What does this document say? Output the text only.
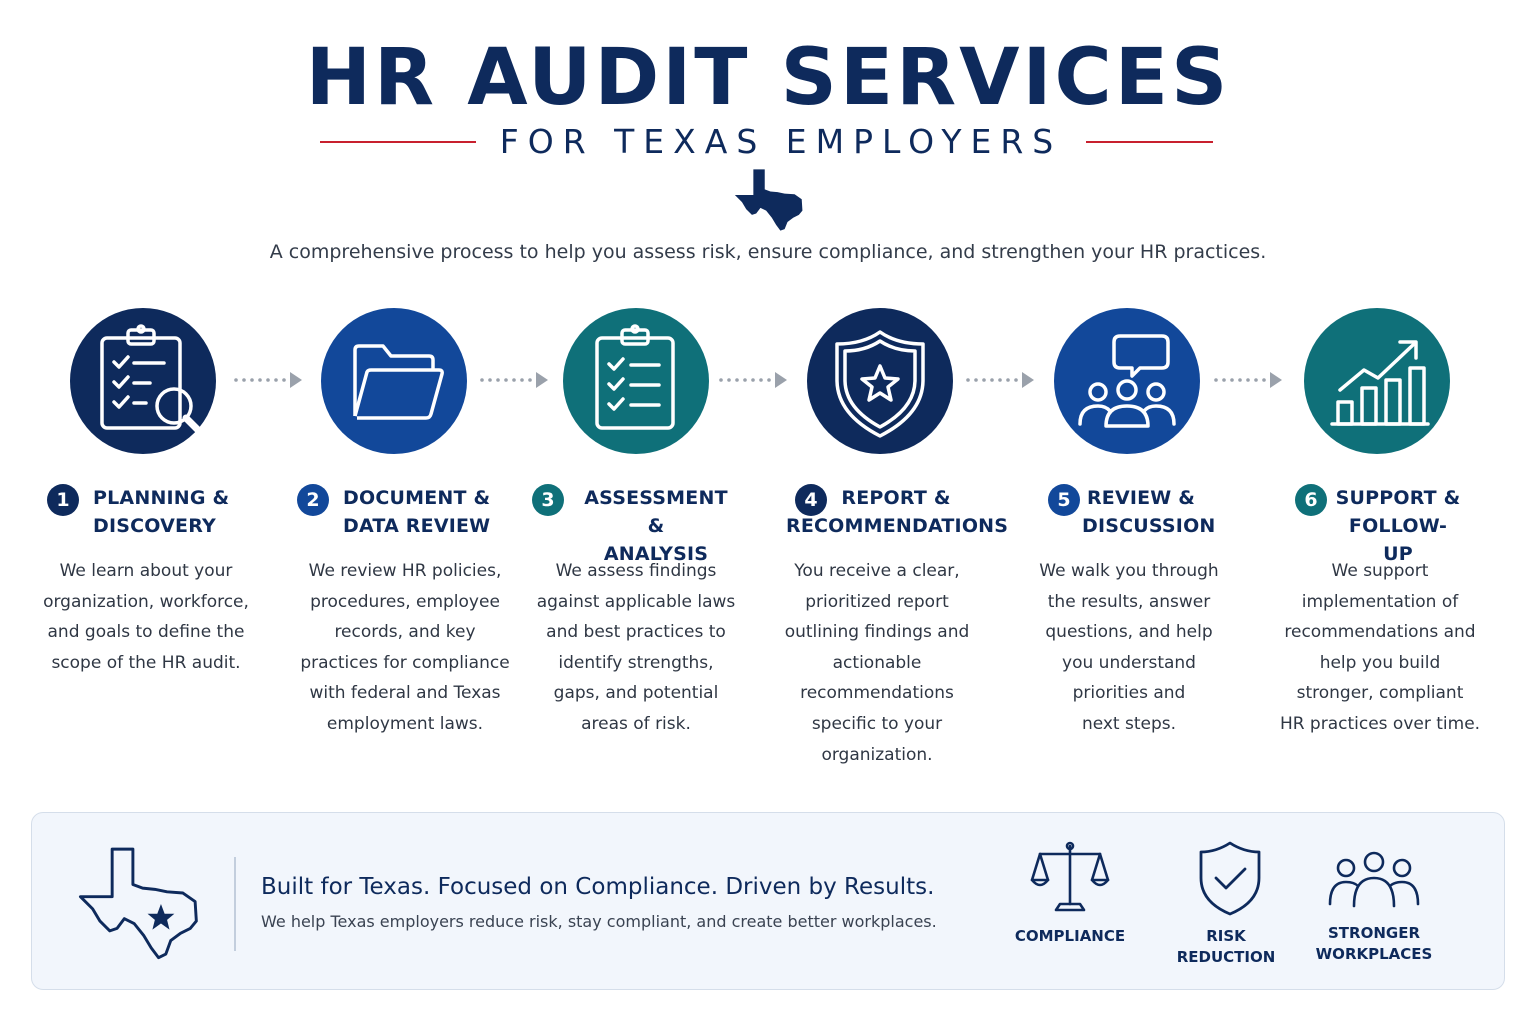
HR AUDIT SERVICES
FOR TEXAS EMPLOYERS
A comprehensive process to help you assess risk, ensure compliance, and strengthen your HR practices.
1	PLANNING &
DISCOVERY
2	DOCUMENT &
DATA REVIEW
3	ASSESSMENT &
ANALYSIS
4	REPORT &
RECOMMENDATIONS
5 REVIEW &
DISCUSSION
6 SUPPORT &
FOLLOW-UP
We learn about your
organization, workforce,
and goals to define the
scope of the HR audit.
We review HR policies,
procedures, employee
records, and key
practices for compliance
with federal and Texas
employment laws.
We assess findings
against applicable laws
and best practices to
identify strengths,
gaps, and potential
areas of risk.
You receive a clear,
prioritized report
outlining findings and
actionable
recommendations
specific to your
organization.
We walk you through
the results, answer
questions, and help
you understand
priorities and
next steps.
We support
implementation of
recommendations and
help you build
stronger, compliant
HR practices over time.
Built for Texas. Focused on Compliance. Driven by Results.
We help Texas employers reduce risk, stay compliant, and create better workplaces.
COMPLIANCE	RISK REDUCTION
STRONGER
WORKPLACES
